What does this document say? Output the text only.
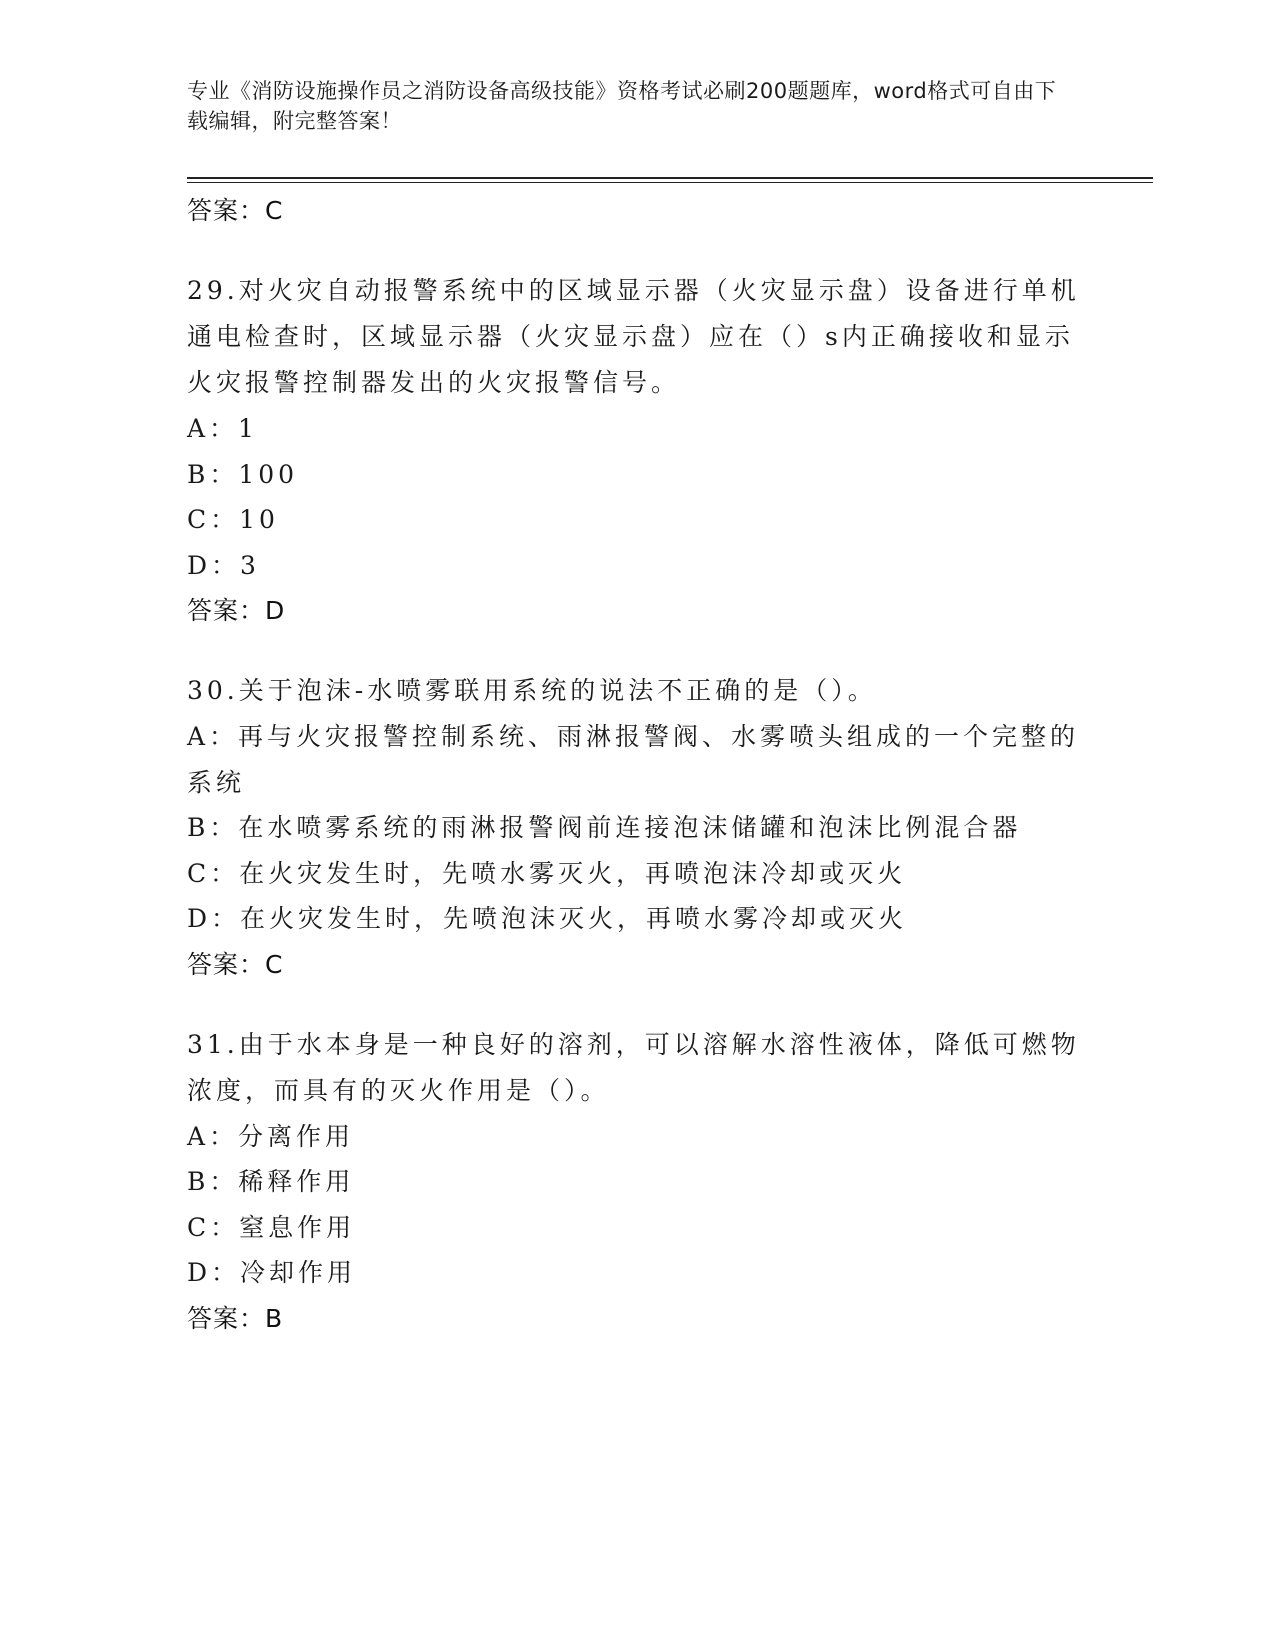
专业《消防设施操作员之消防设备高级技能》资格考试必刷200题题库，word格式可自由下载编辑，附完整答案！
答案：C
29.对火灾自动报警系统中的区域显示器（火灾显示盘）设备进行单机通电检查时，区域显示器（火灾显示盘）应在（）s内正确接收和显示火灾报警控制器发出的火灾报警信号。
A：1
B：100
C：10
D：3
答案：D
30.关于泡沫-水喷雾联用系统的说法不正确的是（）。
A：再与火灾报警控制系统、雨淋报警阀、水雾喷头组成的一个完整的系统
B：在水喷雾系统的雨淋报警阀前连接泡沫储罐和泡沫比例混合器
C：在火灾发生时，先喷水雾灭火，再喷泡沫冷却或灭火
D：在火灾发生时，先喷泡沫灭火，再喷水雾冷却或灭火
答案：C
31.由于水本身是一种良好的溶剂，可以溶解水溶性液体，降低可燃物浓度，而具有的灭火作用是（）。
A：分离作用
B：稀释作用
C：窒息作用
D：冷却作用
答案：B
